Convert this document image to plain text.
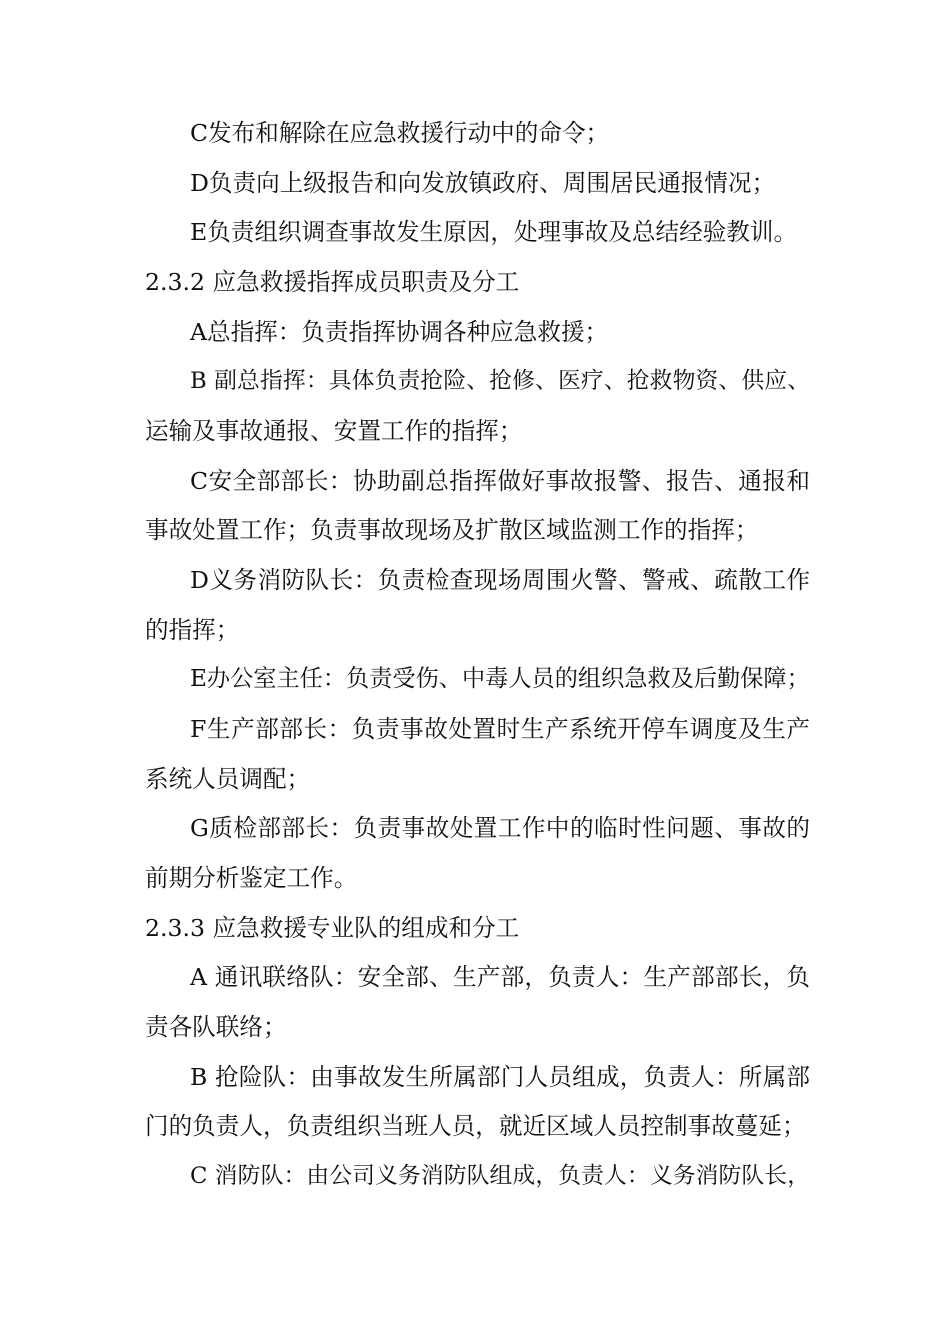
C发布和解除在应急救援行动中的命令；
D负责向上级报告和向发放镇政府、周围居民通报情况；
E负责组织调查事故发生原因，处理事故及总结经验教训。
2.3.2 应急救援指挥成员职责及分工
A总指挥：负责指挥协调各种应急救援；
B 副总指挥：具体负责抢险、抢修、医疗、抢救物资、供应、
运输及事故通报、安置工作的指挥；
C安全部部长：协助副总指挥做好事故报警、报告、通报和
事故处置工作；负责事故现场及扩散区域监测工作的指挥；
D义务消防队长：负责检查现场周围火警、警戒、疏散工作
的指挥；
E办公室主任：负责受伤、中毒人员的组织急救及后勤保障；
F生产部部长：负责事故处置时生产系统开停车调度及生产
系统人员调配；
G质检部部长：负责事故处置工作中的临时性问题、事故的
前期分析鉴定工作。
2.3.3 应急救援专业队的组成和分工
A 通讯联络队：安全部、生产部，负责人：生产部部长，负
责各队联络；
B 抢险队：由事故发生所属部门人员组成，负责人：所属部
门的负责人，负责组织当班人员，就近区域人员控制事故蔓延；
C 消防队：由公司义务消防队组成，负责人：义务消防队长，
